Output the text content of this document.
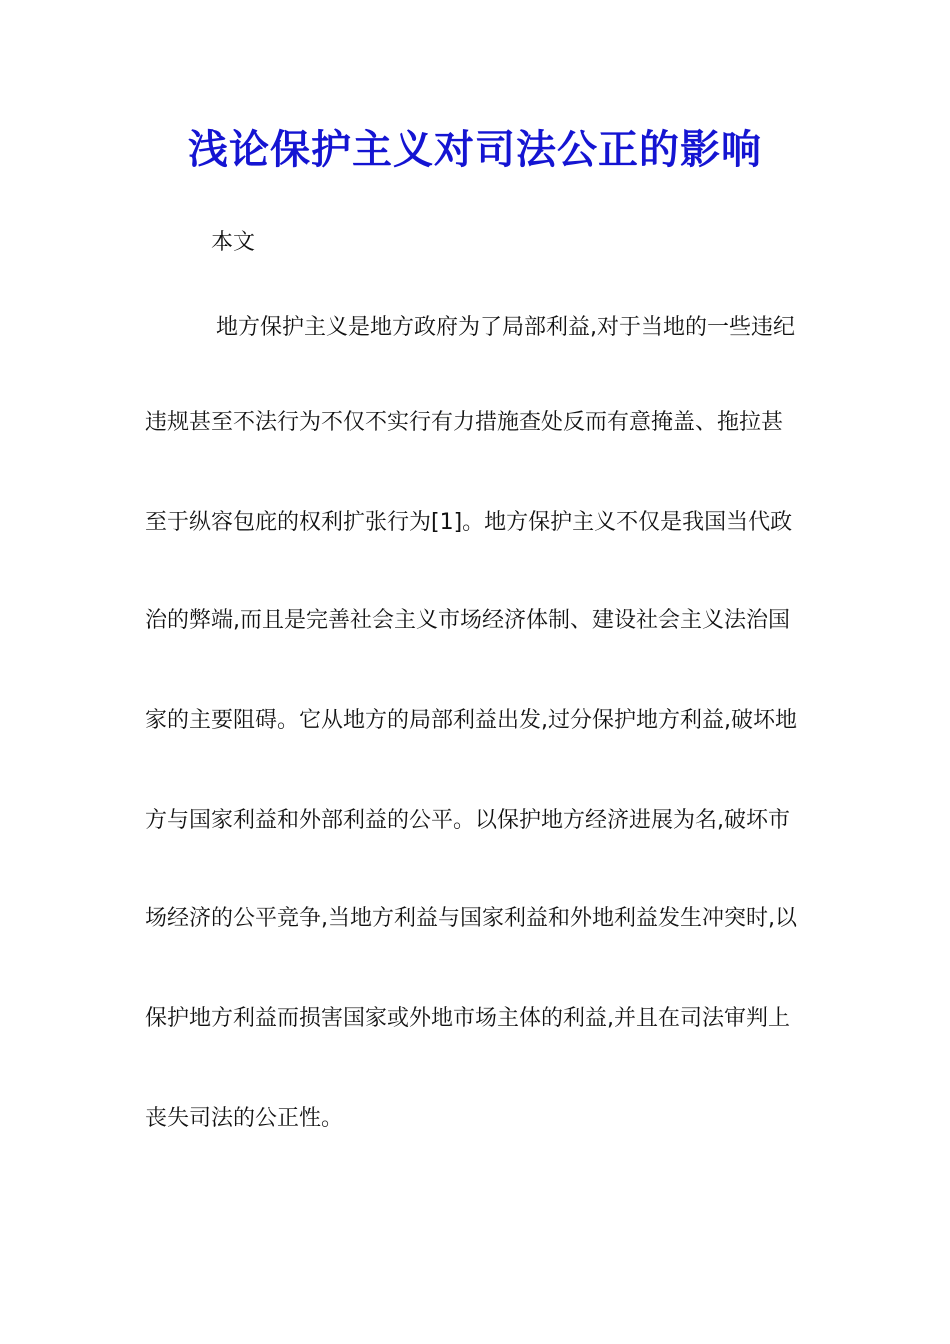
浅论保护主义对司法公正的影响

本文

地方保护主义是地方政府为了局部利益,对于当地的一些违纪

违规甚至不法行为不仅不实行有力措施查处反而有意掩盖、拖拉甚

至于纵容包庇的权利扩张行为[1]。地方保护主义不仅是我国当代政

治的弊端,而且是完善社会主义市场经济体制、建设社会主义法治国

家的主要阻碍。它从地方的局部利益出发,过分保护地方利益,破坏地

方与国家利益和外部利益的公平。以保护地方经济进展为名,破坏市

场经济的公平竞争,当地方利益与国家利益和外地利益发生冲突时,以

保护地方利益而损害国家或外地市场主体的利益,并且在司法审判上

丧失司法的公正性。
